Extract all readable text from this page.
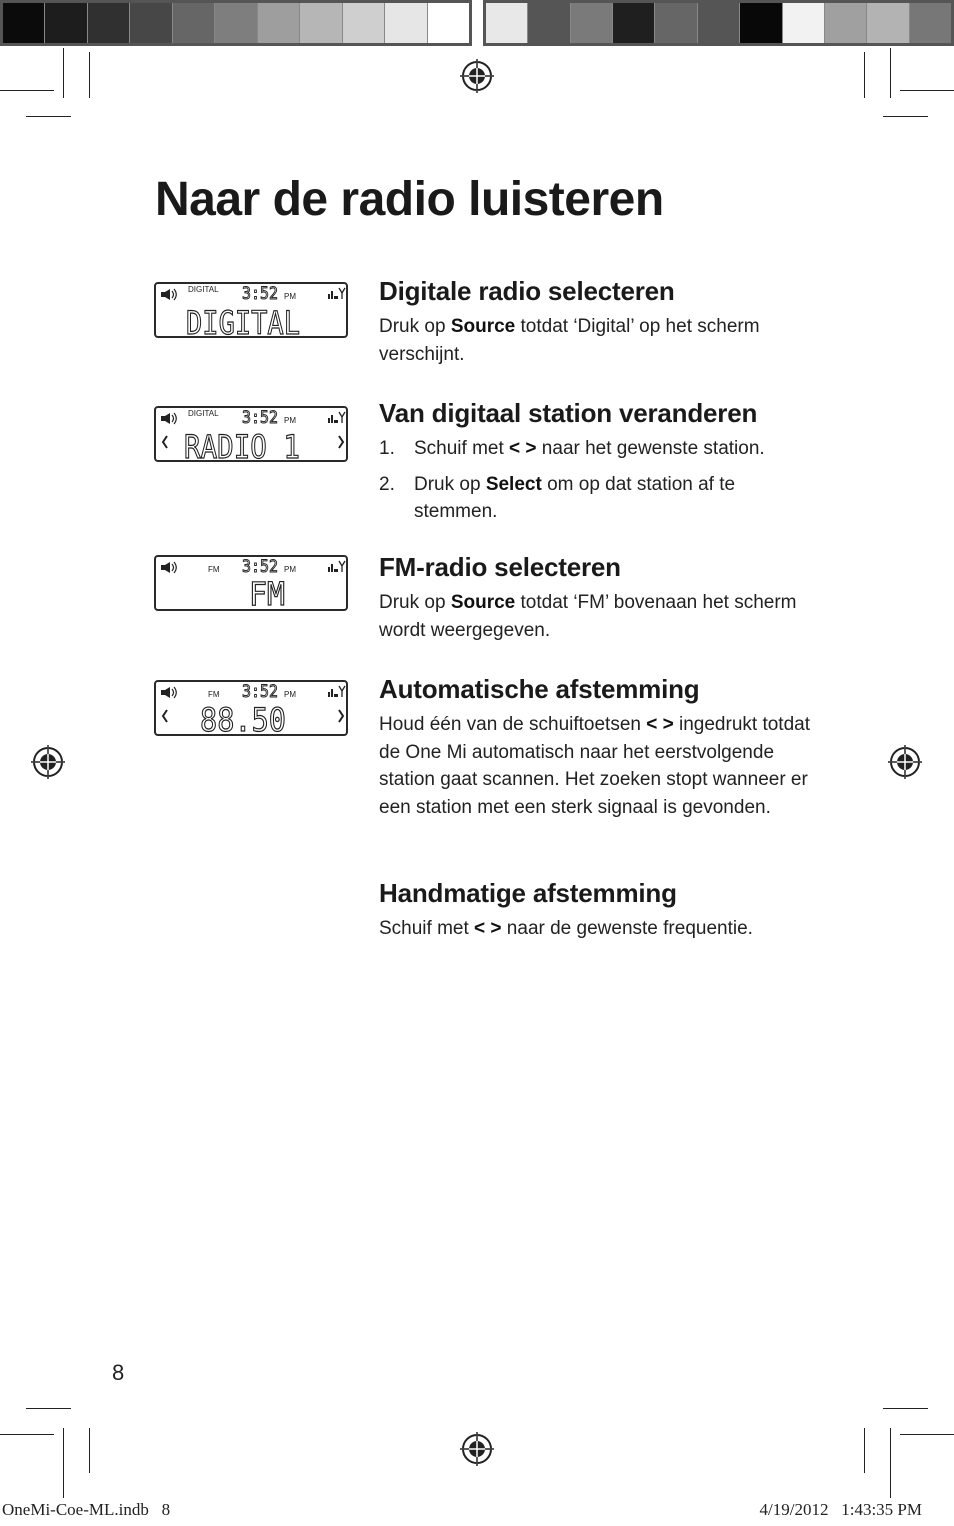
Naar de radio luisteren
DIGITAL 3:52 PM
DIGITAL
DIGITAL 3:52 PM
RADIO 1
FM 3:52 PM
FM
FM 3:52 PM
88.50
Digitale radio selecteren

Druk op Source totdat ‘Digital’ op het scherm verschijnt.

Van digitaal station veranderen
1. Schuif met < > naar het gewenste station.
2. Druk op Select om op dat station af te stemmen.
FM-radio selecteren

Druk op Source totdat ‘FM’ bovenaan het scherm wordt weergegeven.

Automatische afstemming

Houd één van de schuiftoetsen < > ingedrukt totdat de One Mi automatisch naar het eerstvolgende station gaat scannen. Het zoeken stopt wanneer er een station met een sterk signaal is gevonden.

Handmatige afstemming

Schuif met < > naar de gewenste frequentie.

8
OneMi-Coe-ML.indb   8	4/19/2012   1:43:35 PM
